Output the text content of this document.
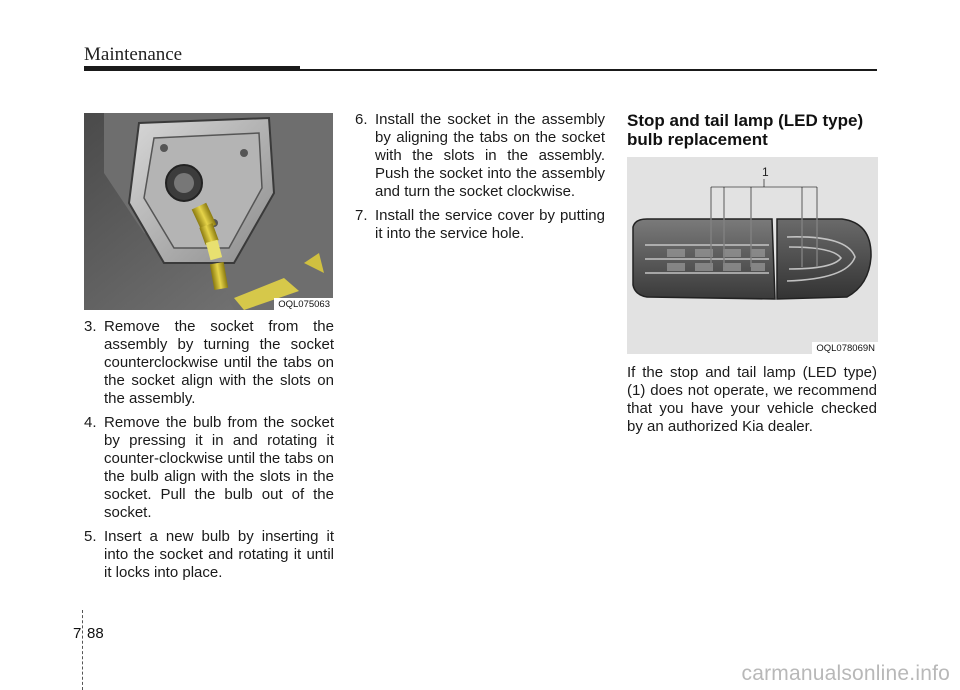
Maintenance
OQL075063

3. Remove the socket from the assembly by turning the socket counterclockwise until the tabs on the socket align with the slots on the assembly.

4. Remove the bulb from the socket by pressing it in and rotating it counter-clockwise until the tabs on the bulb align with the slots in the socket. Pull the bulb out of the socket.

5. Insert a new bulb by inserting it into the socket and rotating it until it locks into place.

6. Install the socket in the assembly by aligning the tabs on the socket with the slots in the assembly. Push the socket into the assembly and turn the socket clockwise.

7. Install the service cover by putting it into the service hole.

Stop and tail lamp (LED type) bulb replacement
1
OQL078069N
If the stop and tail lamp (LED type) (1) does not operate, we recommend that you have your vehicle checked by an authorized Kia dealer.
7 88
carmanualsonline.info
